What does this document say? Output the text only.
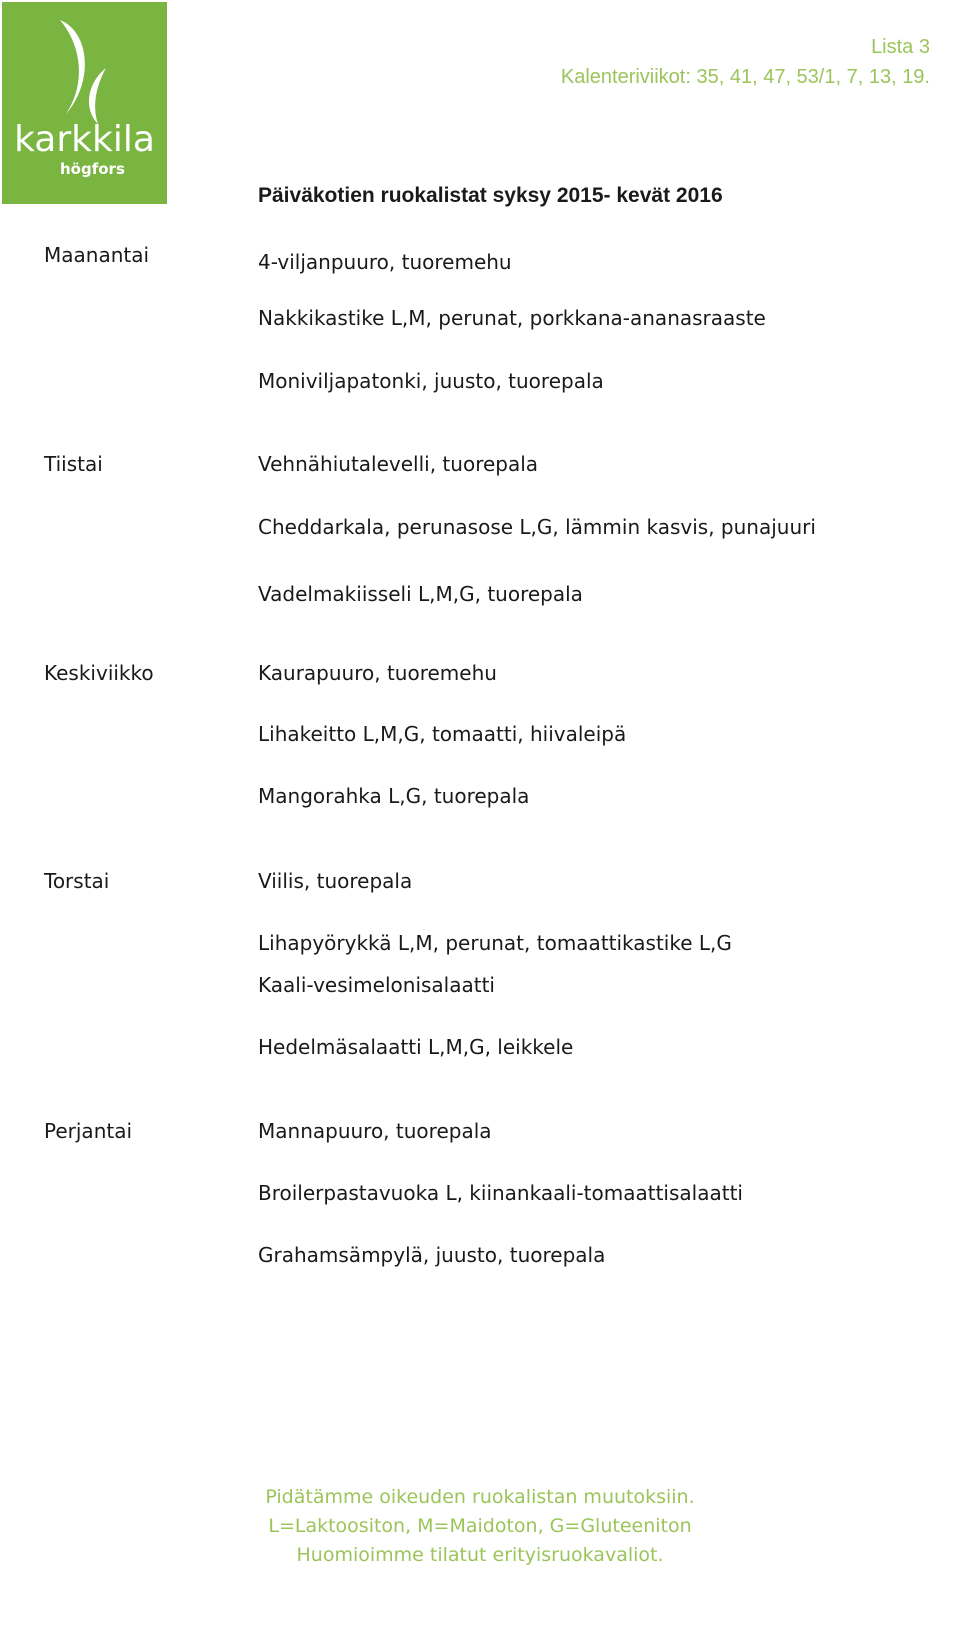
karkkila
högfors
Lista 3
Kalenteriviikot: 35, 41, 47, 53/1, 7, 13, 19.
Päiväkotien ruokalistat syksy 2015- kevät 2016
Maanantai	4-viljanpuuro, tuoremehu
Nakkikastike L,M, perunat, porkkana-ananasraaste
Moniviljapatonki, juusto, tuorepala
Tiistai	Vehnähiutalevelli, tuorepala
Cheddarkala, perunasose L,G, lämmin kasvis, punajuuri
Vadelmakiisseli L,M,G, tuorepala
Keskiviikko	Kaurapuuro, tuoremehu
Lihakeitto L,M,G, tomaatti, hiivaleipä
Mangorahka L,G, tuorepala
Torstai	Viilis, tuorepala
Lihapyörykkä L,M, perunat, tomaattikastike L,G
Kaali-vesimelonisalaatti
Hedelmäsalaatti L,M,G, leikkele
Perjantai	Mannapuuro, tuorepala
Broilerpastavuoka L, kiinankaali-tomaattisalaatti
Grahamsämpylä, juusto, tuorepala
Pidätämme oikeuden ruokalistan muutoksiin.
L=Laktoositon, M=Maidoton, G=Gluteeniton
Huomioimme tilatut erityisruokavaliot.
